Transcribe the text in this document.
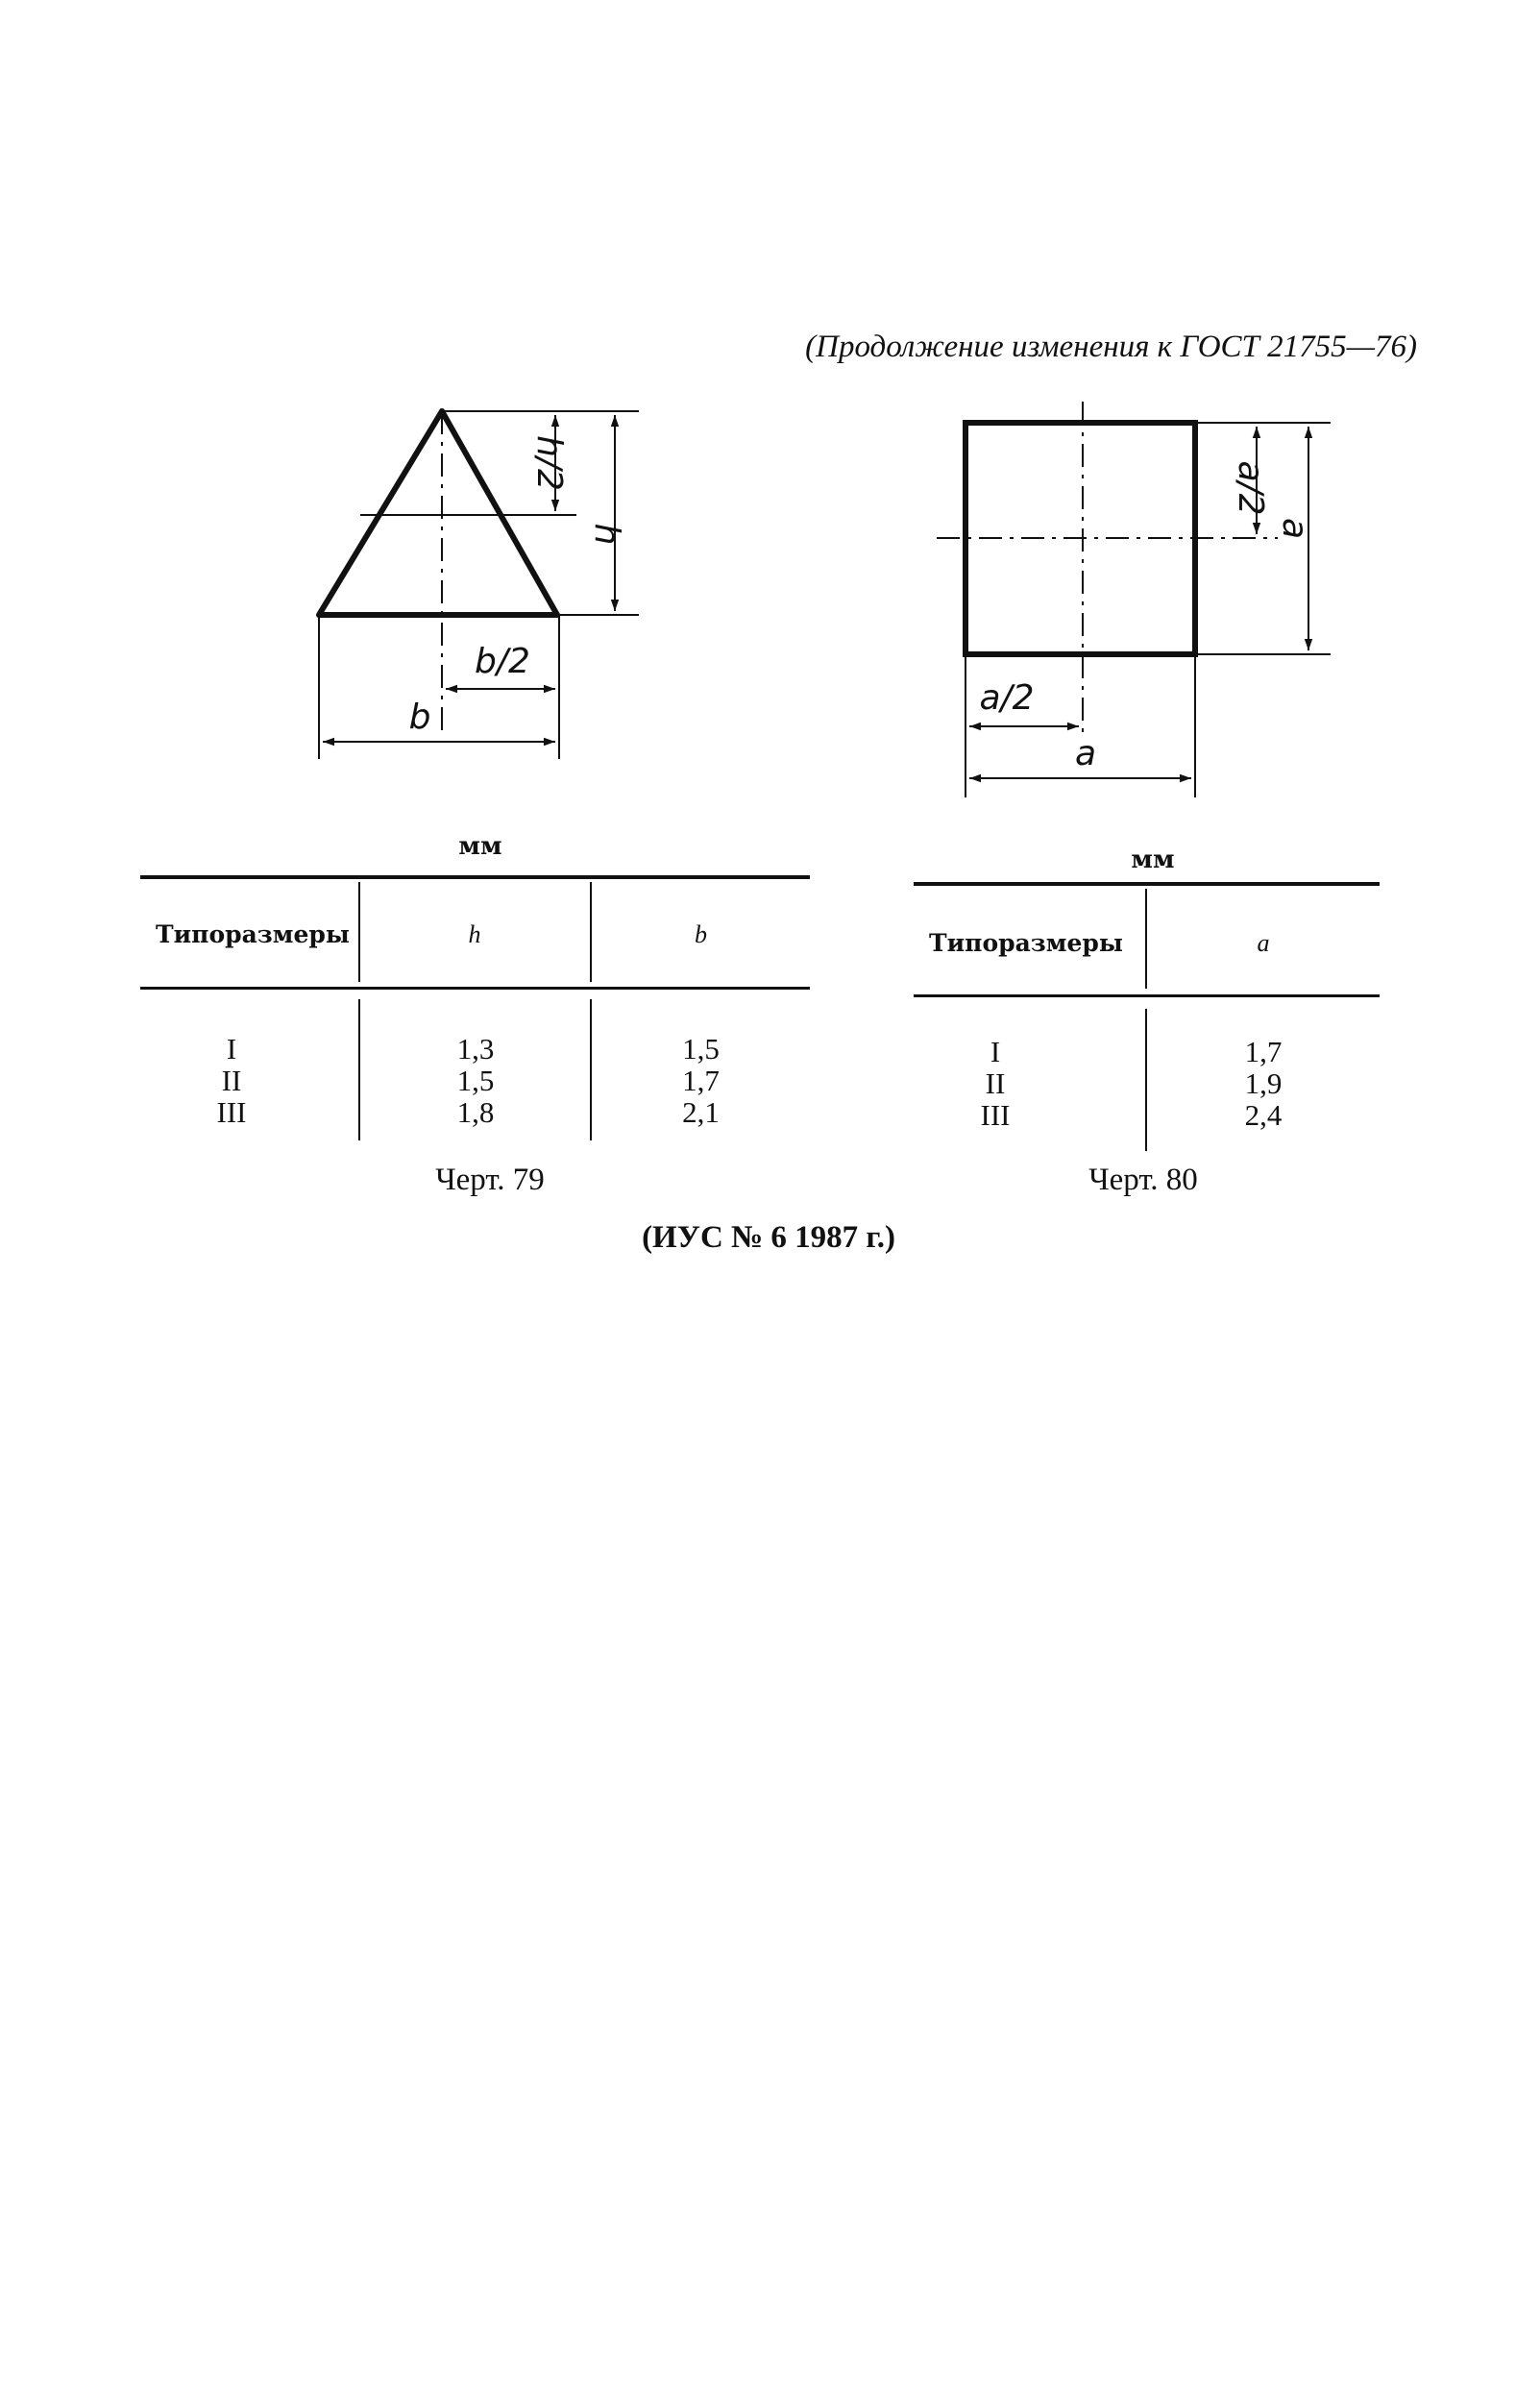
(Продолжение изменения к ГОСТ 21755—76)
h/2
h
b/2
b
a/2
a
a/2
a
мм
Типоразмеры	h	b
I	1,3	1,5
II	1,5	1,7
III	1,8	2,1
Черт. 79
мм
Типоразмеры	a
I	1,7
II	1,9
III	2,4
Черт. 80
(ИУС № 6 1987 г.)
